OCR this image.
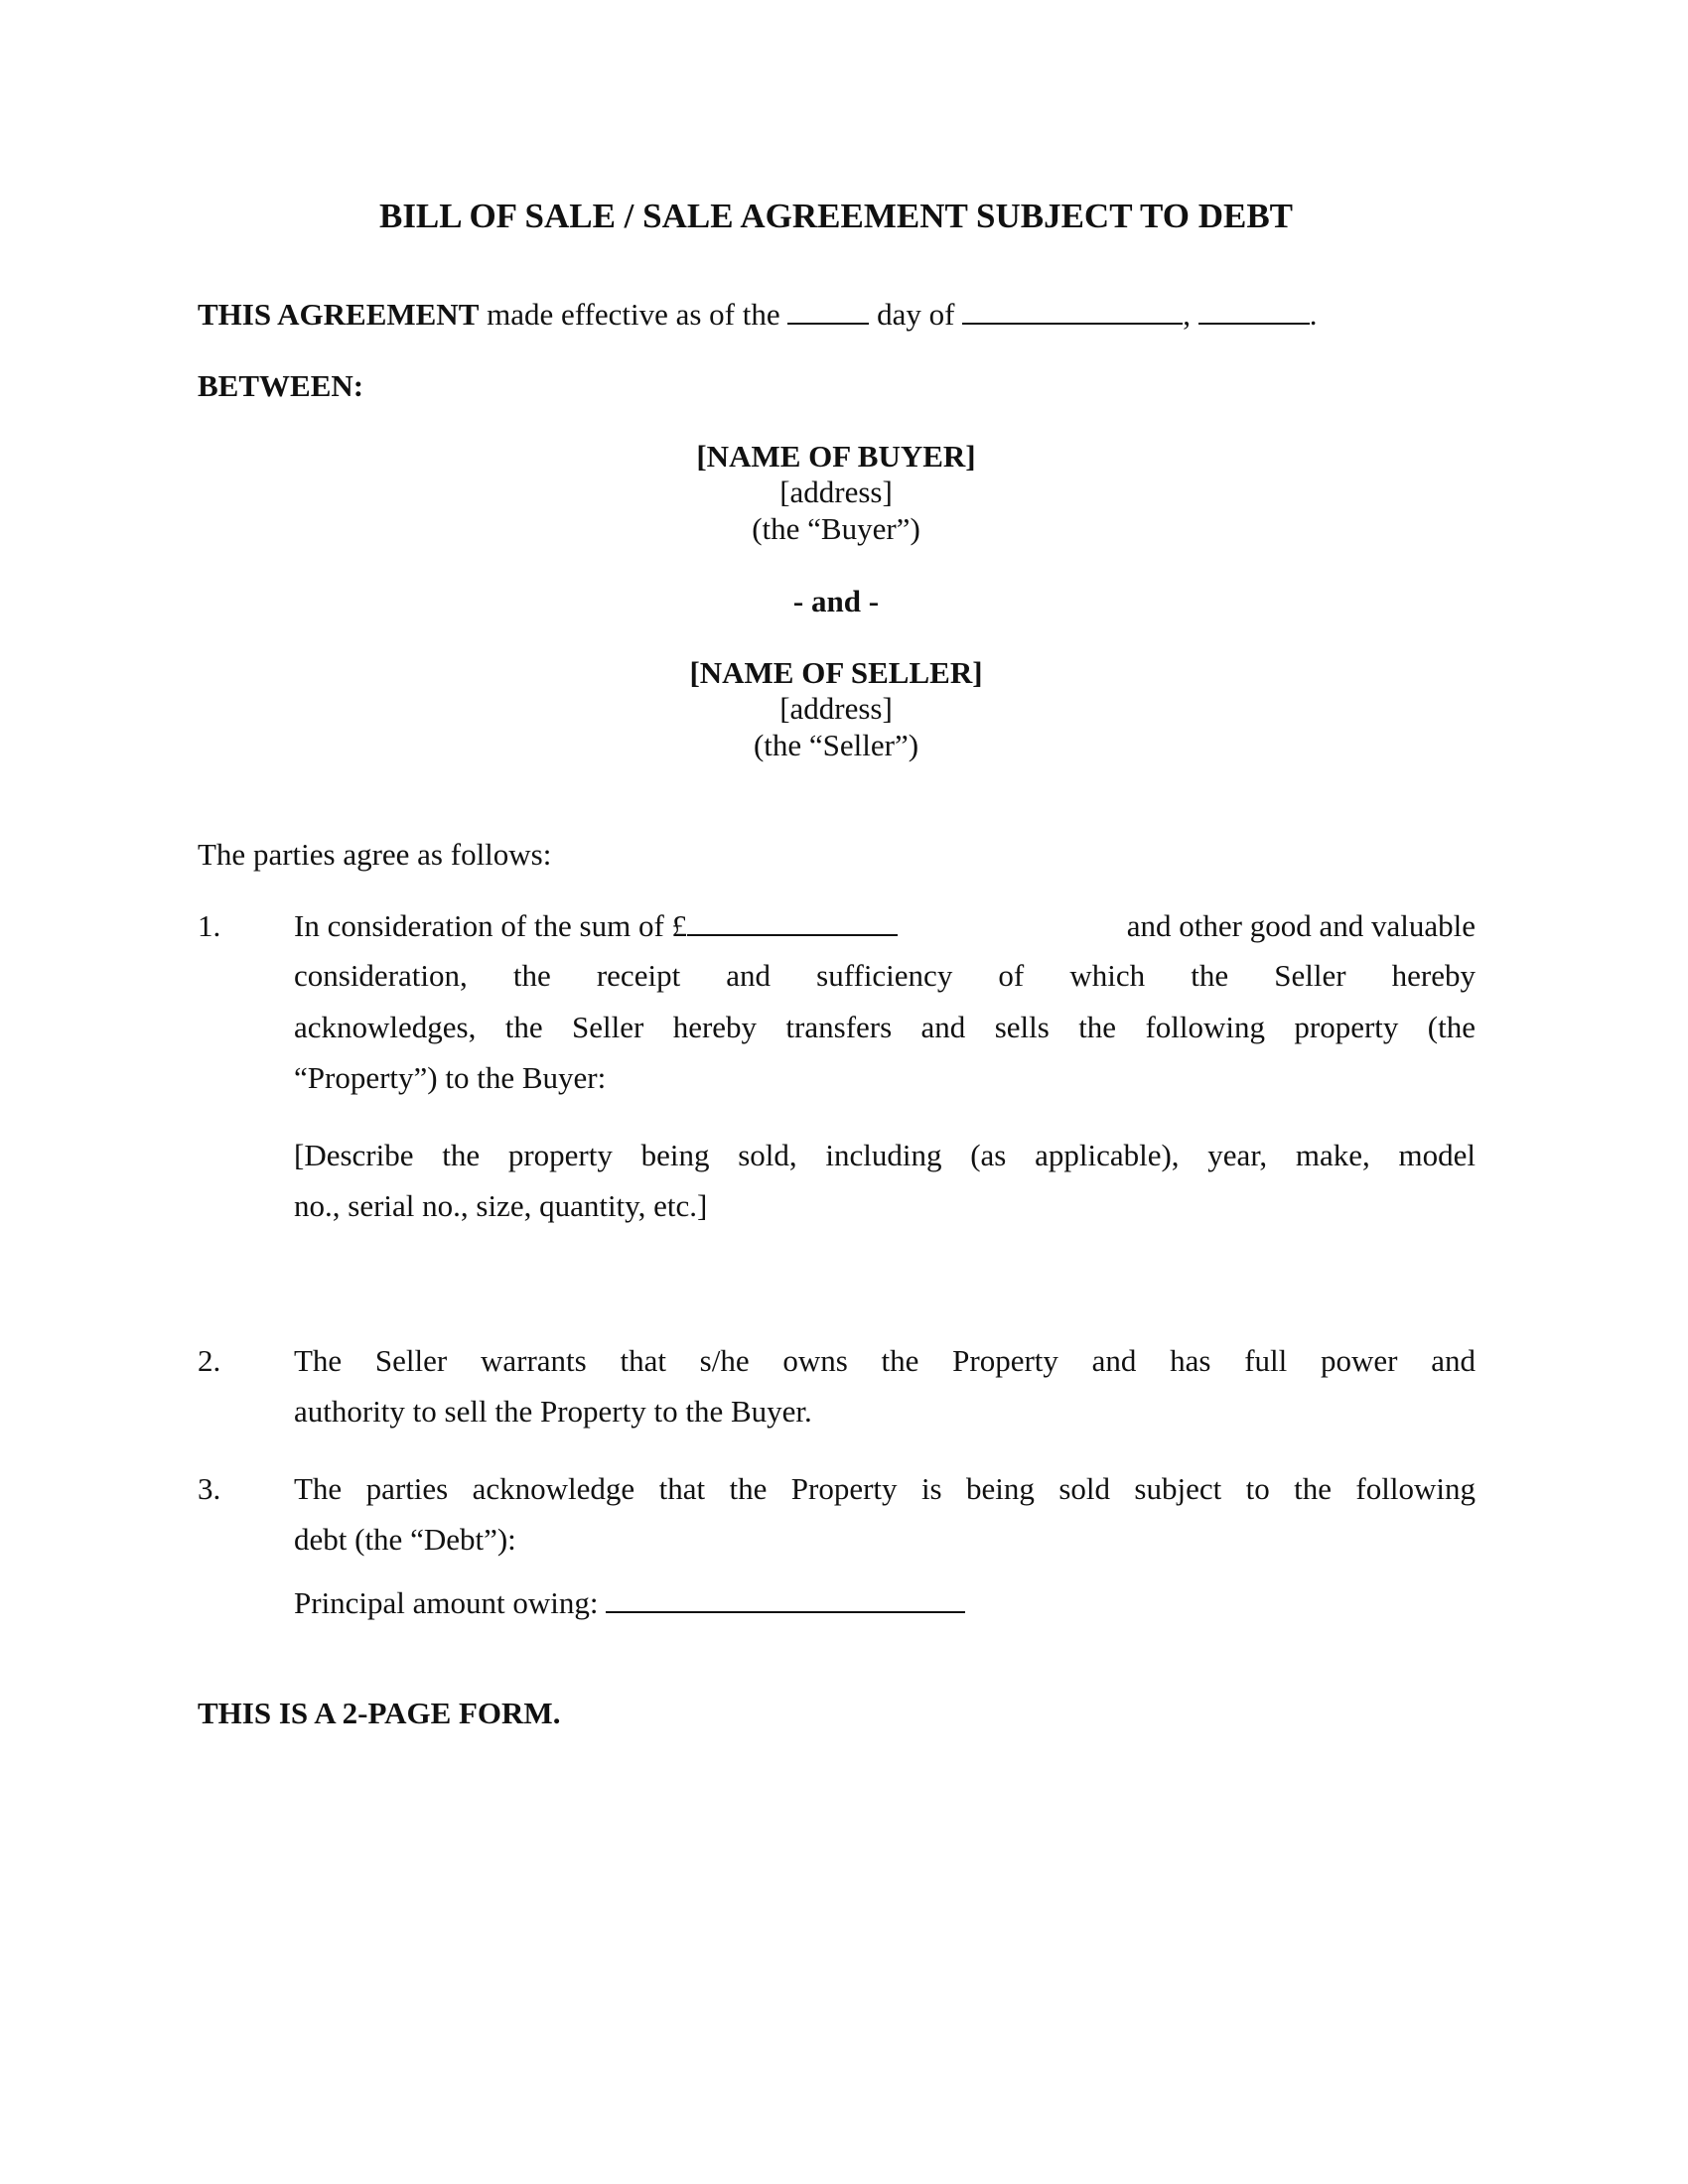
BILL OF SALE / SALE AGREEMENT SUBJECT TO DEBT
THIS AGREEMENT made effective as of the	day of	,	.
BETWEEN:
[NAME OF BUYER]
[address]
(the “Buyer”)
- and -
[NAME OF SELLER]
[address]
(the “Seller”)
The parties agree as follows:
1. In consideration of the sum of £	and other good and valuable
consideration, the receipt and sufficiency of which the Seller hereby
acknowledges, the Seller hereby transfers and sells the following property (the
“Property”) to the Buyer:
[Describe the property being sold, including (as applicable), year, make, model
no., serial no., size, quantity, etc.]
2. The Seller warrants that s/he owns the Property and has full power and
authority to sell the Property to the Buyer.
3. The parties acknowledge that the Property is being sold subject to the following
debt (the “Debt”):
Principal amount owing:
THIS IS A 2-PAGE FORM.
